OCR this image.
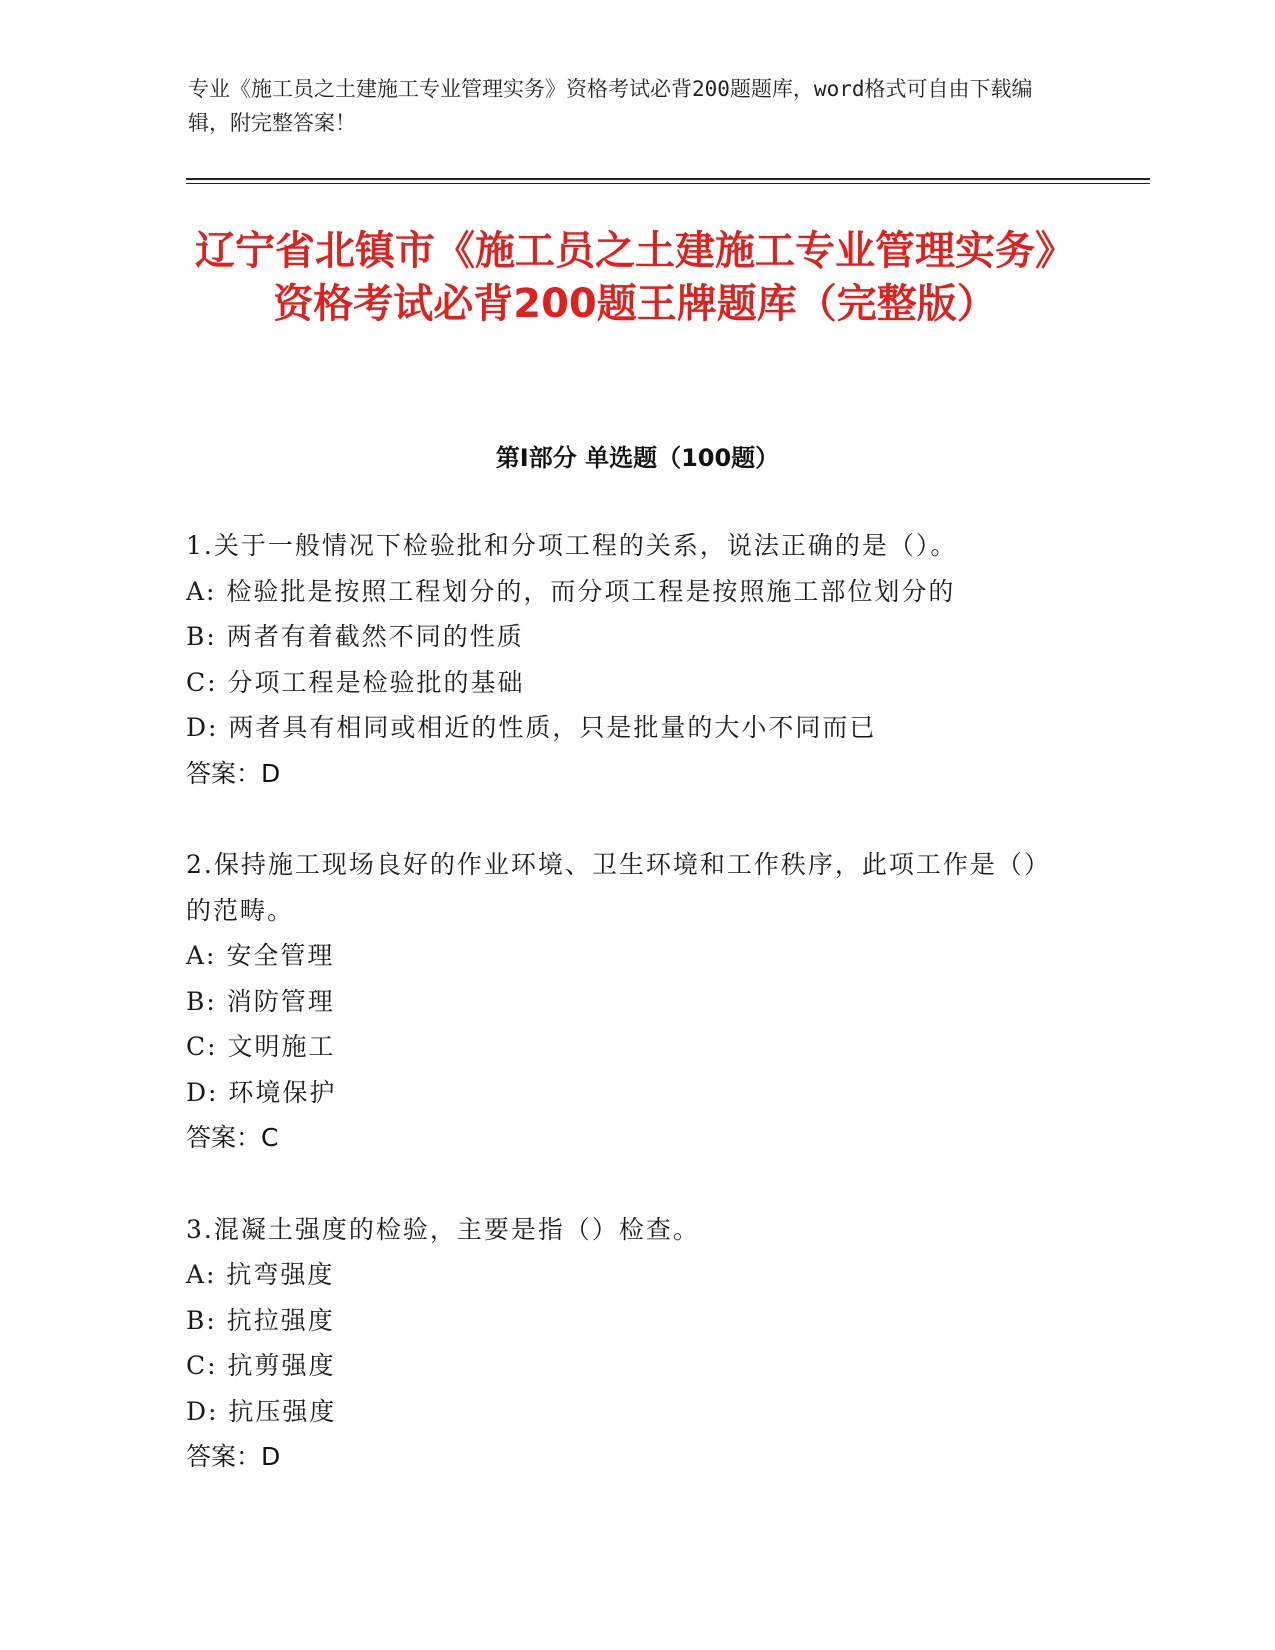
专业《施工员之土建施工专业管理实务》资格考试必背200题题库，word格式可自由下载编辑，附完整答案！
辽宁省北镇市《施工员之土建施工专业管理实务》资格考试必背200题王牌题库（完整版）
第I部分 单选题（100题）
1.关于一般情况下检验批和分项工程的关系，说法正确的是（）。
A: 检验批是按照工程划分的，而分项工程是按照施工部位划分的
B: 两者有着截然不同的性质
C: 分项工程是检验批的基础
D: 两者具有相同或相近的性质，只是批量的大小不同而已
答案：D
2.保持施工现场良好的作业环境、卫生环境和工作秩序，此项工作是（）的范畴。
A: 安全管理
B: 消防管理
C: 文明施工
D: 环境保护
答案：C
3.混凝土强度的检验，主要是指（）检查。
A: 抗弯强度
B: 抗拉强度
C: 抗剪强度
D: 抗压强度
答案：D
